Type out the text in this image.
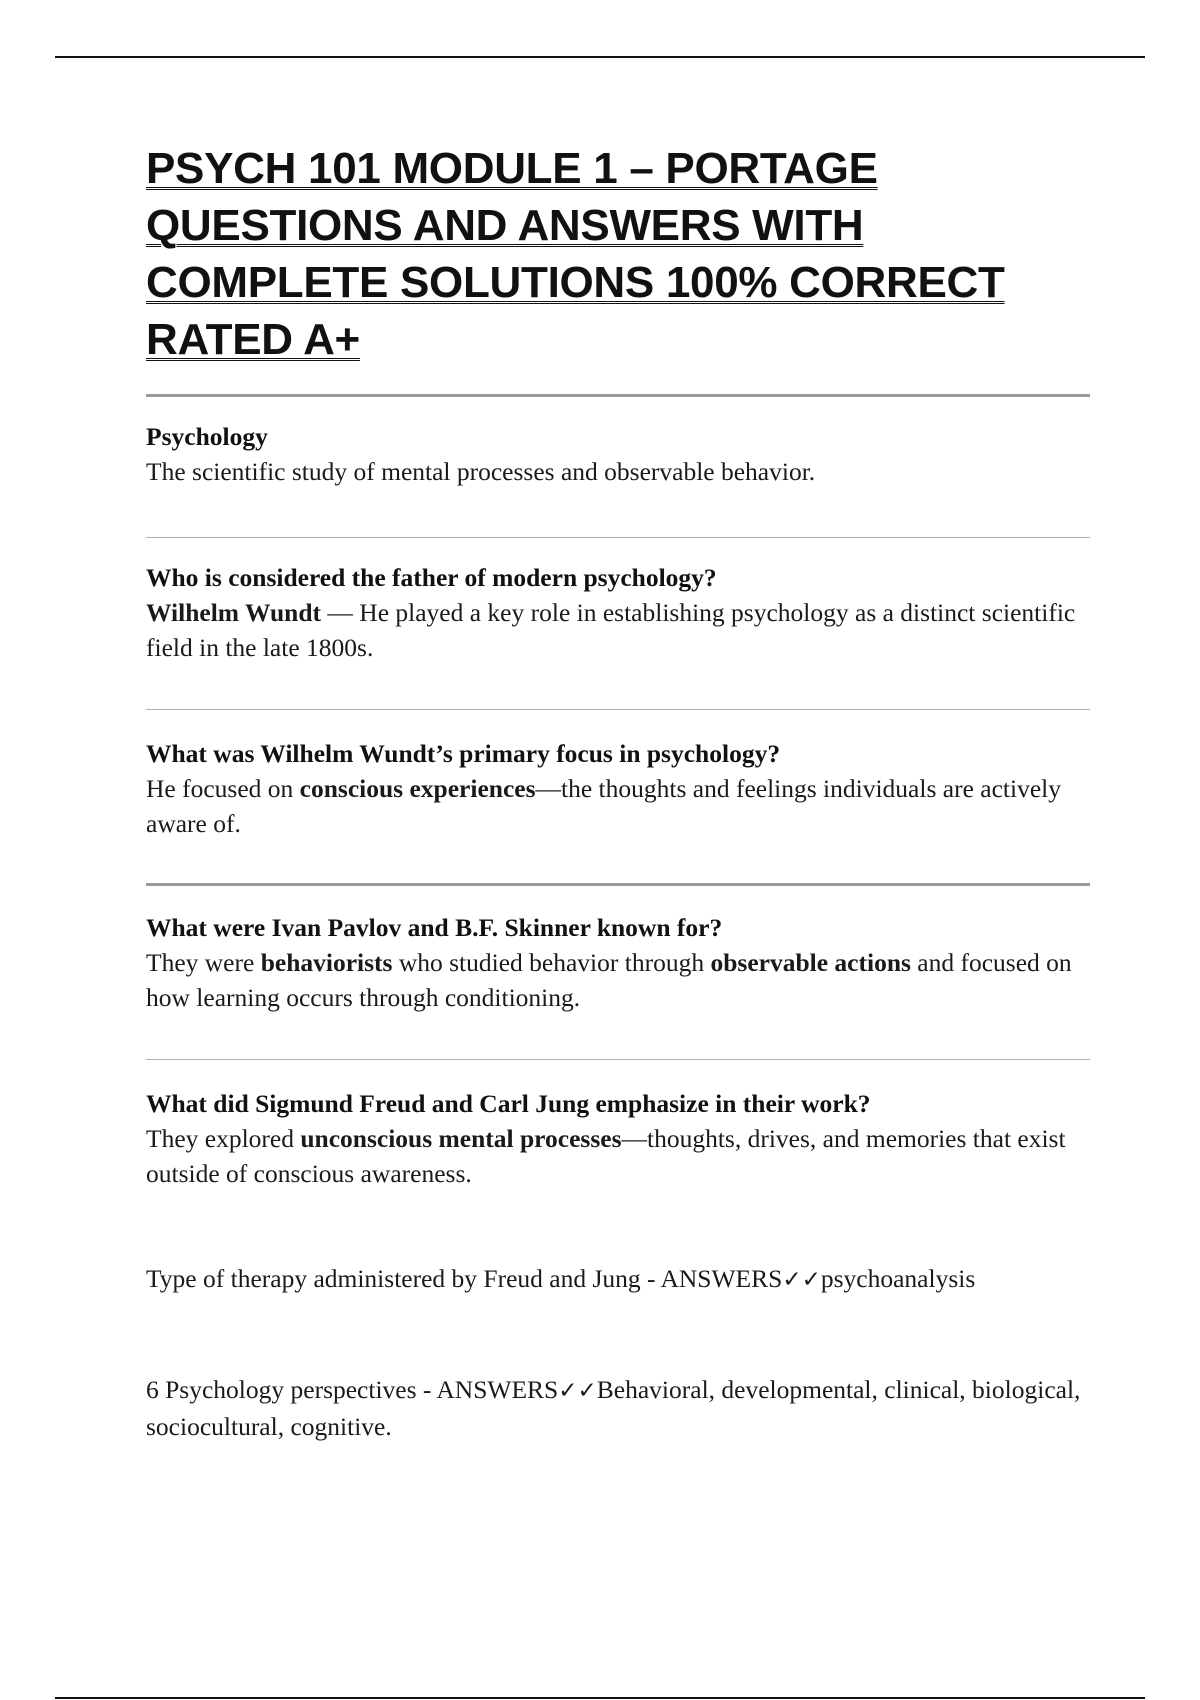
PSYCH 101 MODULE 1 – PORTAGE QUESTIONS AND ANSWERS WITH COMPLETE SOLUTIONS 100% CORRECT RATED A+
Psychology
The scientific study of mental processes and observable behavior.
Who is considered the father of modern psychology?
Wilhelm Wundt — He played a key role in establishing psychology as a distinct scientific field in the late 1800s.
What was Wilhelm Wundt’s primary focus in psychology?
He focused on conscious experiences—the thoughts and feelings individuals are actively aware of.
What were Ivan Pavlov and B.F. Skinner known for?
They were behaviorists who studied behavior through observable actions and focused on how learning occurs through conditioning.
What did Sigmund Freud and Carl Jung emphasize in their work?
They explored unconscious mental processes—thoughts, drives, and memories that exist outside of conscious awareness.
Type of therapy administered by Freud and Jung - ANSWERS✓✓psychoanalysis
6 Psychology perspectives - ANSWERS✓✓Behavioral, developmental, clinical, biological, sociocultural, cognitive.
